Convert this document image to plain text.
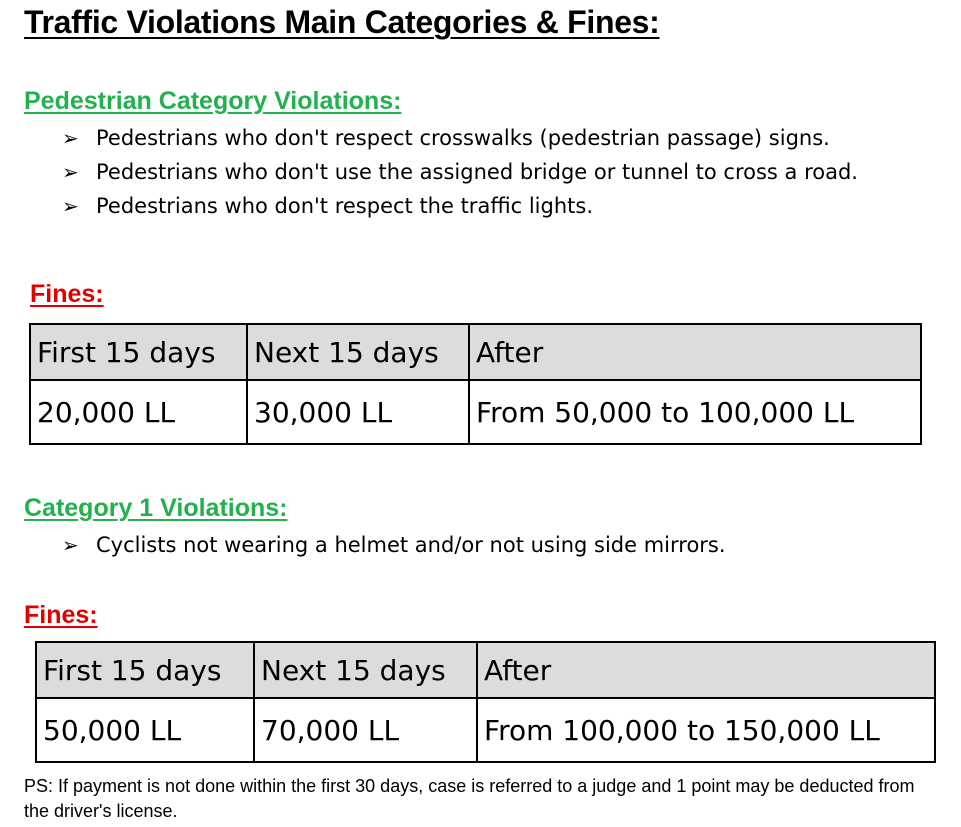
Traffic Violations Main Categories & Fines:
Pedestrian Category Violations:
➢ Pedestrians who don't respect crosswalks (pedestrian passage) signs.
➢ Pedestrians who don't use the assigned bridge or tunnel to cross a road.
➢ Pedestrians who don't respect the traffic lights.
Fines:
First 15 days	Next 15 days	After
20,000 LL	30,000 LL	From 50,000 to 100,000 LL
Category 1 Violations:
➢ Cyclists not wearing a helmet and/or not using side mirrors.
Fines:
First 15 days	Next 15 days	After
50,000 LL	70,000 LL	From 100,000 to 150,000 LL
PS: If payment is not done within the first 30 days, case is referred to a judge and 1 point may be deducted from the driver's license.
